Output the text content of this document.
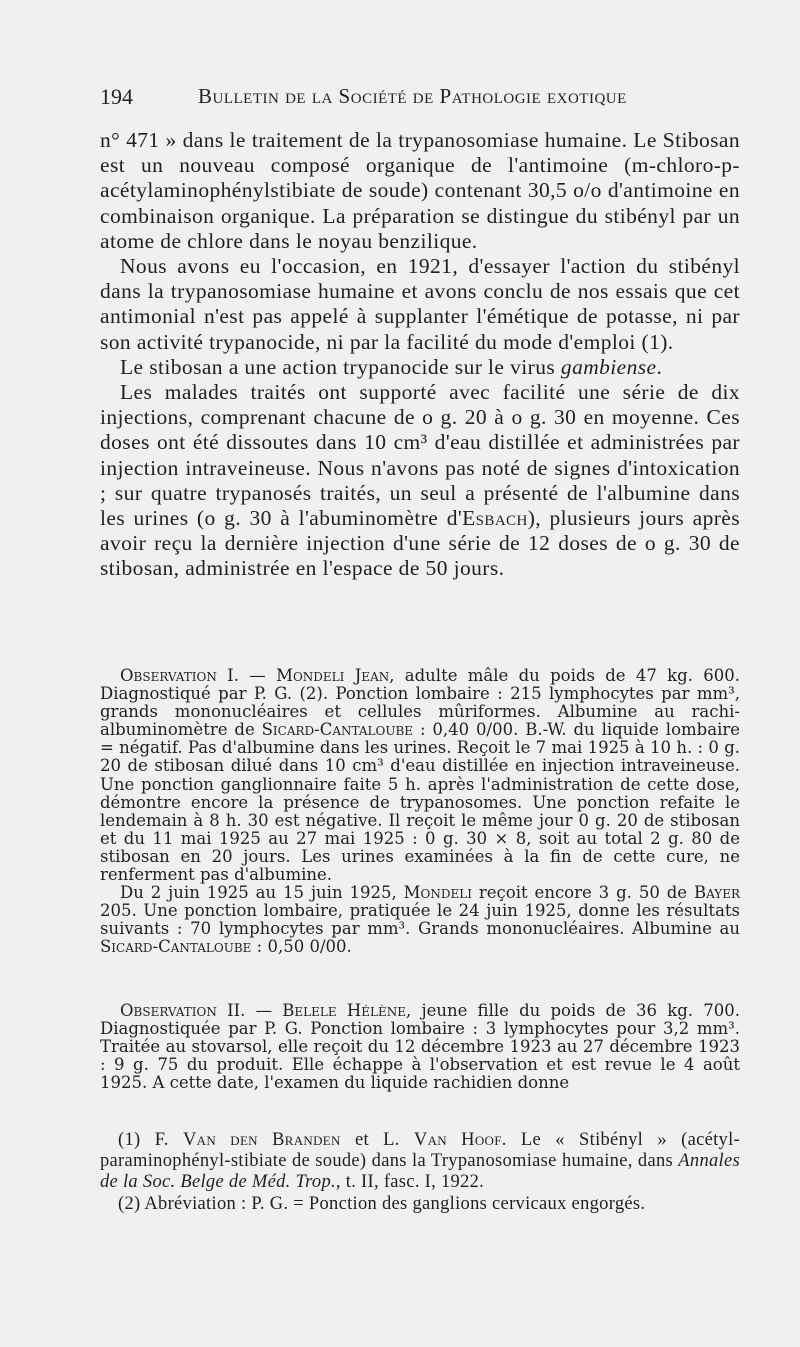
194	Bulletin de la Société de Pathologie exotique

n° 471 » dans le traitement de la trypanosomiase humaine. Le Stibosan est un nouveau composé organique de l'antimoine (m-chloro-p-acétylaminophénylstibiate de soude) contenant 30,5 o/o d'antimoine en combinaison organique. La préparation se distingue du stibényl par un atome de chlore dans le noyau benzilique.

Nous avons eu l'occasion, en 1921, d'essayer l'action du stibényl dans la trypanosomiase humaine et avons conclu de nos essais que cet antimonial n'est pas appelé à supplanter l'émétique de potasse, ni par son activité trypanocide, ni par la facilité du mode d'emploi (1).

Le stibosan a une action trypanocide sur le virus gambiense.

Les malades traités ont supporté avec facilité une série de dix injections, comprenant chacune de o g. 20 à o g. 30 en moyenne. Ces doses ont été dissoutes dans 10 cm³ d'eau distillée et administrées par injection intraveineuse. Nous n'avons pas noté de signes d'intoxication ; sur quatre trypanosés traités, un seul a présenté de l'albumine dans les urines (o g. 30 à l'abuminomètre d'Esbach), plusieurs jours après avoir reçu la dernière injection d'une série de 12 doses de o g. 30 de stibosan, administrée en l'espace de 50 jours.

Observation I. — Mondeli Jean, adulte mâle du poids de 47 kg. 600. Diagnostiqué par P. G. (2). Ponction lombaire : 215 lymphocytes par mm³, grands mononucléaires et cellules mûriformes. Albumine au rachi-albuminomètre de Sicard-Cantaloube : 0,40 0/00. B.-W. du liquide lombaire = négatif. Pas d'albumine dans les urines. Reçoit le 7 mai 1925 à 10 h. : 0 g. 20 de stibosan dilué dans 10 cm³ d'eau distillée en injection intraveineuse. Une ponction ganglionnaire faite 5 h. après l'administration de cette dose, démontre encore la présence de trypanosomes. Une ponction refaite le lendemain à 8 h. 30 est négative. Il reçoit le même jour 0 g. 20 de stibosan et du 11 mai 1925 au 27 mai 1925 : 0 g. 30 × 8, soit au total 2 g. 80 de stibosan en 20 jours. Les urines examinées à la fin de cette cure, ne renferment pas d'albumine.

Du 2 juin 1925 au 15 juin 1925, Mondeli reçoit encore 3 g. 50 de Bayer 205. Une ponction lombaire, pratiquée le 24 juin 1925, donne les résultats suivants : 70 lymphocytes par mm³. Grands mononucléaires. Albumine au Sicard-Cantaloube : 0,50 0/00.

Observation II. — Belele Hélène, jeune fille du poids de 36 kg. 700. Diagnostiquée par P. G. Ponction lombaire : 3 lymphocytes pour 3,2 mm³. Traitée au stovarsol, elle reçoit du 12 décembre 1923 au 27 décembre 1923 : 9 g. 75 du produit. Elle échappe à l'observation et est revue le 4 août 1925. A cette date, l'examen du liquide rachidien donne

(1) F. Van den Branden et L. Van Hoof. Le « Stibényl » (acétyl-paraminophényl-stibiate de soude) dans la Trypanosomiase humaine, dans Annales de la Soc. Belge de Méd. Trop., t. II, fasc. I, 1922.

(2) Abréviation : P. G. = Ponction des ganglions cervicaux engorgés.
